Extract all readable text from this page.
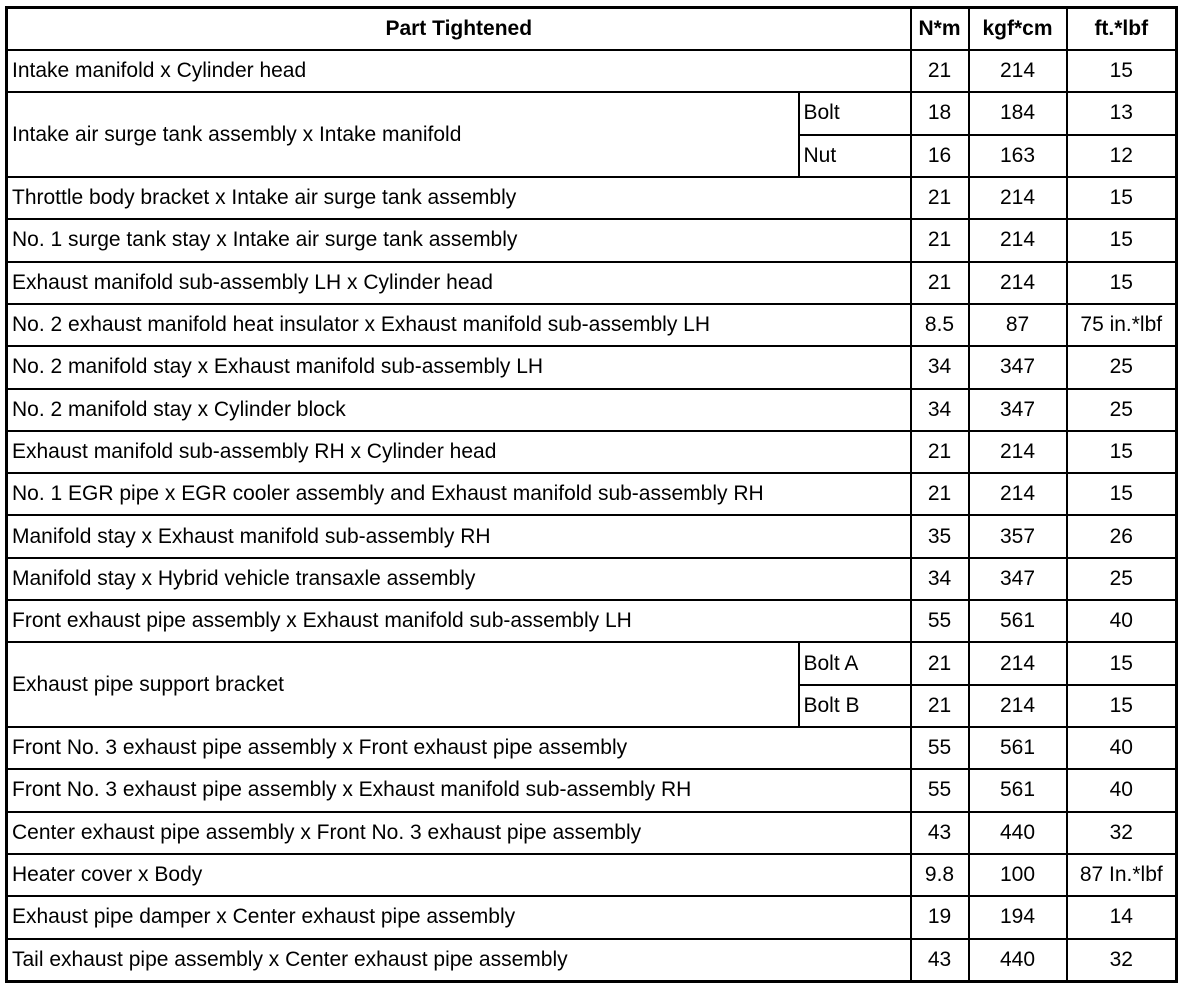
Part Tightened		N*m	kgf*cm	ft.*lbf
Intake manifold x Cylinder head		21	214	15
Intake air surge tank assembly x Intake manifold	Bolt	18	184	13
	Nut	16	163	12
Throttle body bracket x Intake air surge tank assembly		21	214	15
No. 1 surge tank stay x Intake air surge tank assembly		21	214	15
Exhaust manifold sub-assembly LH x Cylinder head		21	214	15
No. 2 exhaust manifold heat insulator x Exhaust manifold sub-assembly LH		8.5	87	75 in.*lbf
No. 2 manifold stay x Exhaust manifold sub-assembly LH		34	347	25
No. 2 manifold stay x Cylinder block		34	347	25
Exhaust manifold sub-assembly RH x Cylinder head		21	214	15
No. 1 EGR pipe x EGR cooler assembly and Exhaust manifold sub-assembly RH		21	214	15
Manifold stay x Exhaust manifold sub-assembly RH		35	357	26
Manifold stay x Hybrid vehicle transaxle assembly		34	347	25
Front exhaust pipe assembly x Exhaust manifold sub-assembly LH		55	561	40
Exhaust pipe support bracket	Bolt A	21	214	15
	Bolt B	21	214	15
Front No. 3 exhaust pipe assembly x Front exhaust pipe assembly		55	561	40
Front No. 3 exhaust pipe assembly x Exhaust manifold sub-assembly RH		55	561	40
Center exhaust pipe assembly x Front No. 3 exhaust pipe assembly		43	440	32
Heater cover x Body		9.8	100	87 In.*lbf
Exhaust pipe damper x Center exhaust pipe assembly		19	194	14
Tail exhaust pipe assembly x Center exhaust pipe assembly		43	440	32
